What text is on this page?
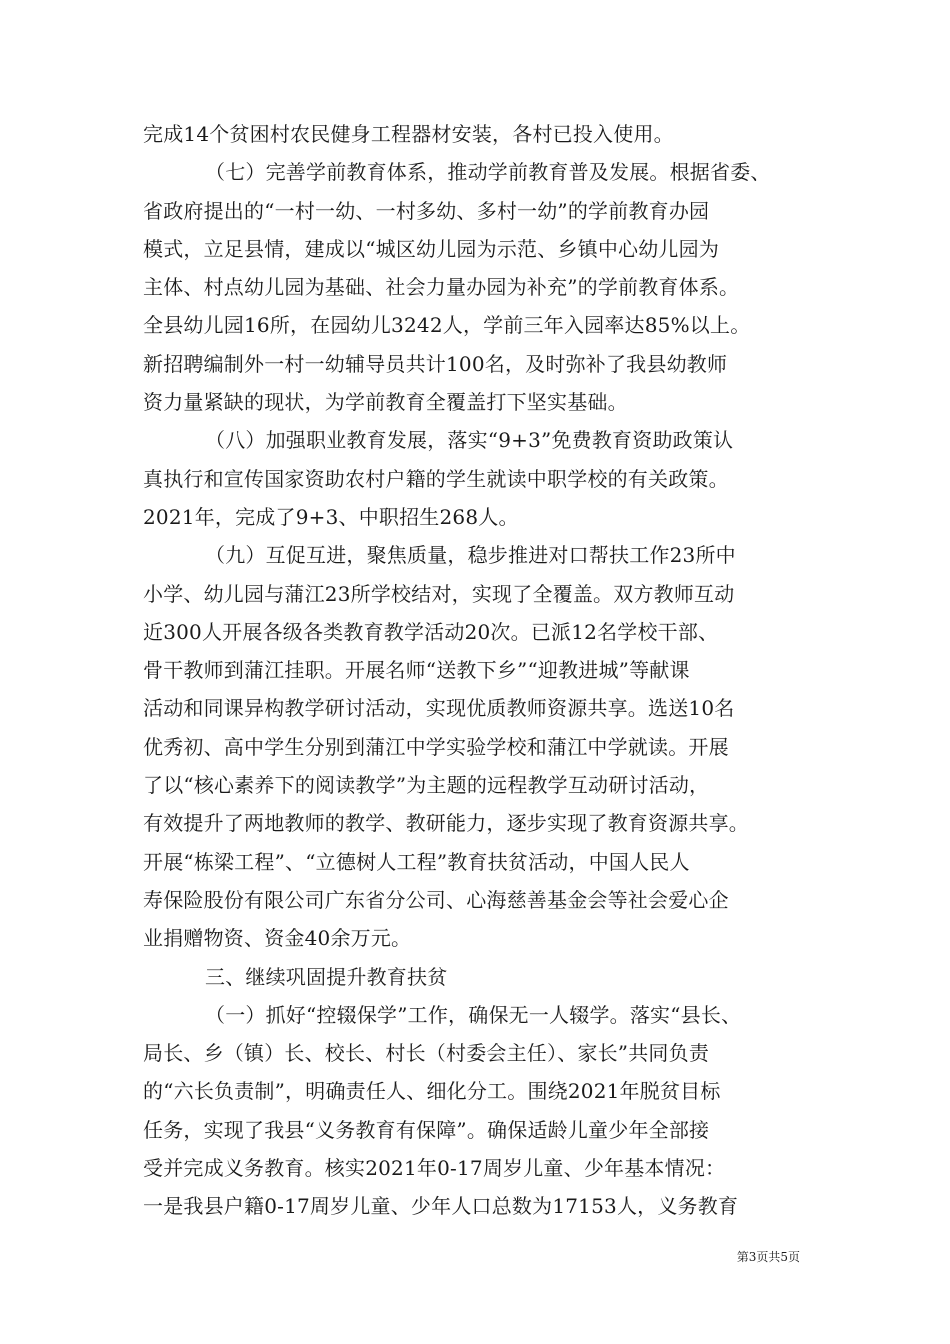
完成14个贫困村农民健身工程器材安装，各村已投入使用。
（七）完善学前教育体系，推动学前教育普及发展。根据省委、
省政府提出的“一村一幼、一村多幼、多村一幼”的学前教育办园
模式，立足县情，建成以“城区幼儿园为示范、乡镇中心幼儿园为
主体、村点幼儿园为基础、社会力量办园为补充”的学前教育体系。
全县幼儿园16所，在园幼儿3242人，学前三年入园率达85%以上。
新招聘编制外一村一幼辅导员共计100名，及时弥补了我县幼教师
资力量紧缺的现状，为学前教育全覆盖打下坚实基础。
（八）加强职业教育发展，落实“9+3”免费教育资助政策认
真执行和宣传国家资助农村户籍的学生就读中职学校的有关政策。
2021年，完成了9+3、中职招生268人。
（九）互促互进，聚焦质量，稳步推进对口帮扶工作23所中
小学、幼儿园与蒲江23所学校结对，实现了全覆盖。双方教师互动
近300人开展各级各类教育教学活动20次。已派12名学校干部、
骨干教师到蒲江挂职。开展名师“送教下乡”“迎教进城”等献课
活动和同课异构教学研讨活动，实现优质教师资源共享。选送10名
优秀初、高中学生分别到蒲江中学实验学校和蒲江中学就读。开展
了以“核心素养下的阅读教学”为主题的远程教学互动研讨活动，
有效提升了两地教师的教学、教研能力，逐步实现了教育资源共享。
开展“栋梁工程”、“立德树人工程”教育扶贫活动，中国人民人
寿保险股份有限公司广东省分公司、心海慈善基金会等社会爱心企
业捐赠物资、资金40余万元。
三、继续巩固提升教育扶贫
（一）抓好“控辍保学”工作，确保无一人辍学。落实“县长、
局长、乡（镇）长、校长、村长（村委会主任）、家长”共同负责
的“六长负责制”，明确责任人、细化分工。围绕2021年脱贫目标
任务，实现了我县“义务教育有保障”。确保适龄儿童少年全部接
受并完成义务教育。核实2021年0-17周岁儿童、少年基本情况：
一是我县户籍0-17周岁儿童、少年人口总数为17153人，义务教育
第3页共5页
